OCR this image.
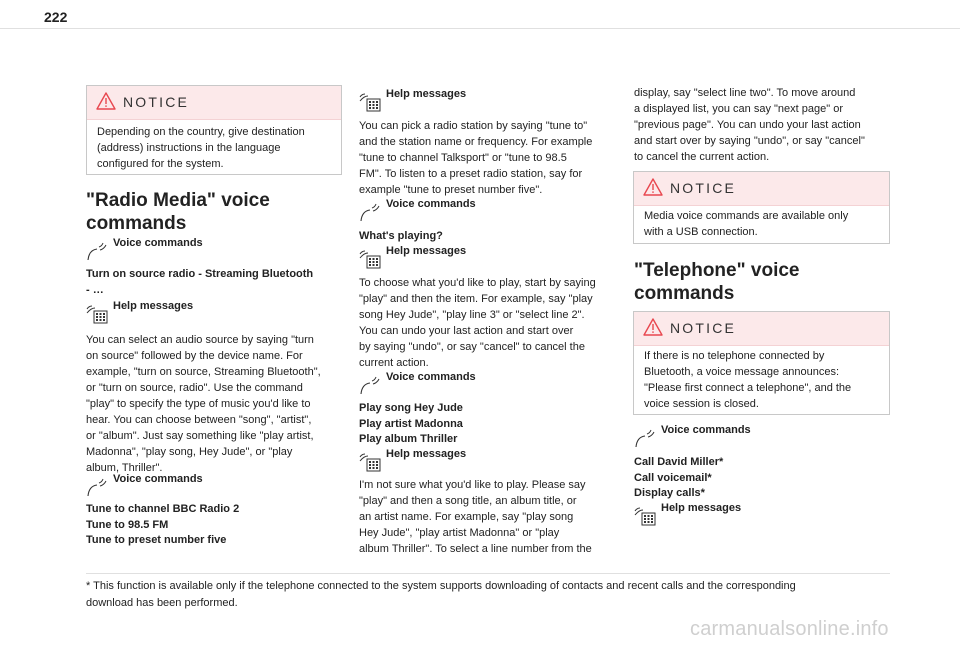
222
NOTICE
Depending on the country, give destination
(address) instructions in the language
configured for the system.
"Radio Media" voice
commands
Voice commands
Turn on source radio - Streaming Bluetooth
- …
Help messages
You can select an audio source by saying "turn
on source" followed by the device name. For
example, "turn on source, Streaming Bluetooth",
or "turn on source, radio". Use the command
"play" to specify the type of music you'd like to
hear. You can choose between "song", "artist",
or "album". Just say something like "play artist,
Madonna", "play song, Hey Jude", or "play
album, Thriller".
Voice commands
Tune to channel BBC Radio 2
Tune to 98.5 FM
Tune to preset number five
Help messages
You can pick a radio station by saying "tune to"
and the station name or frequency. For example
"tune to channel Talksport" or "tune to 98.5
FM". To listen to a preset radio station, say for
example "tune to preset number five".
Voice commands
What's playing?
Help messages
To choose what you'd like to play, start by saying
"play" and then the item. For example, say "play
song Hey Jude", "play line 3" or "select line 2".
You can undo your last action and start over
by saying "undo", or say "cancel" to cancel the
current action.
Voice commands
Play song Hey Jude
Play artist Madonna
Play album Thriller
Help messages
I'm not sure what you'd like to play. Please say
"play" and then a song title, an album title, or
an artist name. For example, say "play song
Hey Jude", "play artist Madonna" or "play
album Thriller". To select a line number from the
display, say "select line two". To move around
a displayed list, you can say "next page" or
"previous page". You can undo your last action
and start over by saying "undo", or say "cancel"
to cancel the current action.
NOTICE
Media voice commands are available only
with a USB connection.
"Telephone" voice
commands
NOTICE
If there is no telephone connected by
Bluetooth, a voice message announces:
"Please first connect a telephone", and the
voice session is closed.
Voice commands
Call David Miller*
Call voicemail*
Display calls*
Help messages
* This function is available only if the telephone connected to the system supports downloading of contacts and recent calls and the corresponding
download has been performed.
carmanualsonline.info
